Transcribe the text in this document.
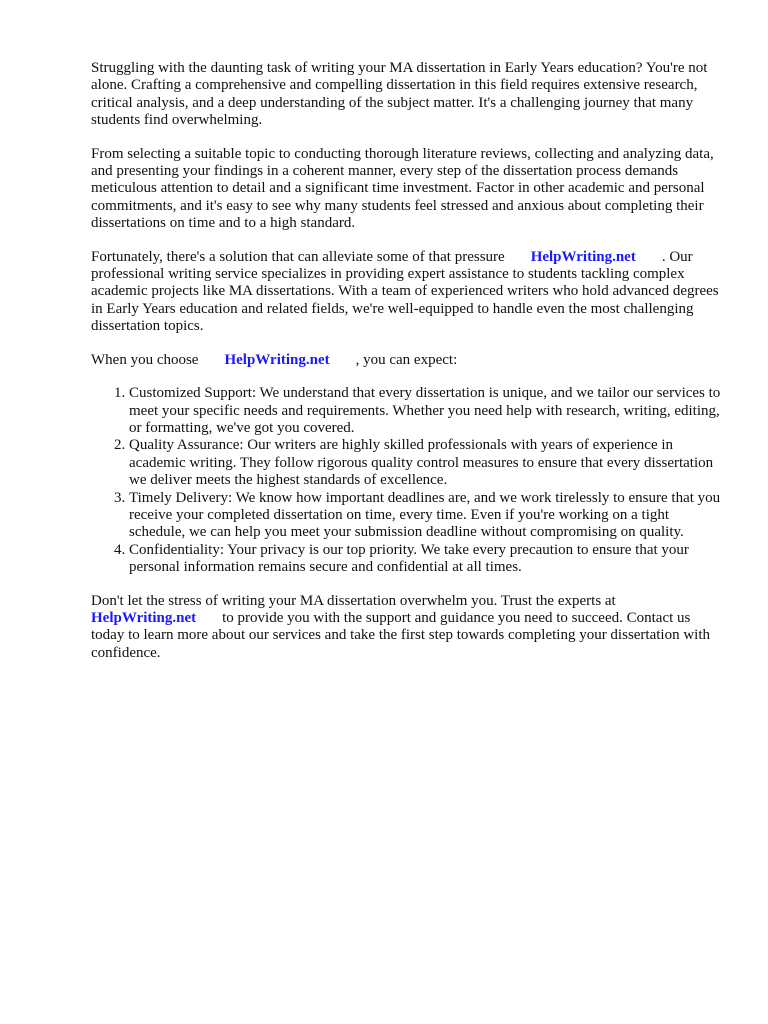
Struggling with the daunting task of writing your MA dissertation in Early Years education? You're not alone. Crafting a comprehensive and compelling dissertation in this field requires extensive research, critical analysis, and a deep understanding of the subject matter. It's a challenging journey that many students find overwhelming.

From selecting a suitable topic to conducting thorough literature reviews, collecting and analyzing data, and presenting your findings in a coherent manner, every step of the dissertation process demands meticulous attention to detail and a significant time investment. Factor in other academic and personal commitments, and it's easy to see why many students feel stressed and anxious about completing their dissertations on time and to a high standard.

Fortunately, there's a solution that can alleviate some of that pressure HelpWriting.net . Our professional writing service specializes in providing expert assistance to students tackling complex academic projects like MA dissertations. With a team of experienced writers who hold advanced degrees in Early Years education and related fields, we're well-equipped to handle even the most challenging dissertation topics.

When you choose HelpWriting.net , you can expect:

1. Customized Support: We understand that every dissertation is unique, and we tailor our services to meet your specific needs and requirements. Whether you need help with research, writing, editing, or formatting, we've got you covered.
2. Quality Assurance: Our writers are highly skilled professionals with years of experience in academic writing. They follow rigorous quality control measures to ensure that every dissertation we deliver meets the highest standards of excellence.
3. Timely Delivery: We know how important deadlines are, and we work tirelessly to ensure that you receive your completed dissertation on time, every time. Even if you're working on a tight schedule, we can help you meet your submission deadline without compromising on quality.
4. Confidentiality: Your privacy is our top priority. We take every precaution to ensure that your personal information remains secure and confidential at all times.

Don't let the stress of writing your MA dissertation overwhelm you. Trust the experts at
HelpWriting.net to provide you with the support and guidance you need to succeed. Contact us today to learn more about our services and take the first step towards completing your dissertation with confidence.
